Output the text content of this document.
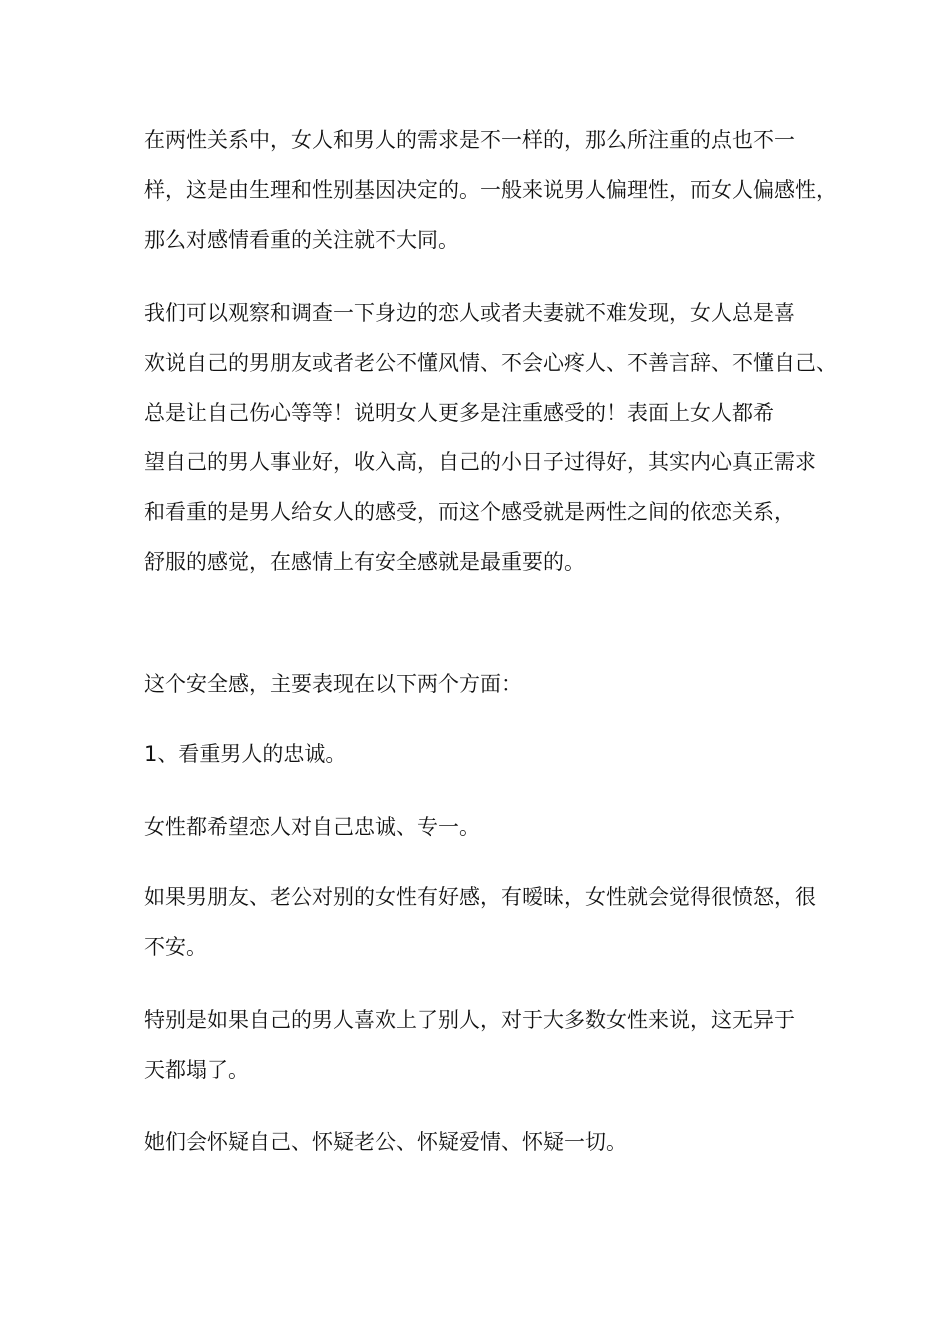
在两性关系中，女人和男人的需求是不一样的，那么所注重的点也不一

样，这是由生理和性别基因决定的。一般来说男人偏理性，而女人偏感性，

那么对感情看重的关注就不大同。

我们可以观察和调查一下身边的恋人或者夫妻就不难发现，女人总是喜

欢说自己的男朋友或者老公不懂风情、不会心疼人、不善言辞、不懂自己、

总是让自己伤心等等！说明女人更多是注重感受的！表面上女人都希

望自己的男人事业好，收入高，自己的小日子过得好，其实内心真正需求

和看重的是男人给女人的感受，而这个感受就是两性之间的依恋关系，

舒服的感觉，在感情上有安全感就是最重要的。

这个安全感，主要表现在以下两个方面：

1、看重男人的忠诚。

女性都希望恋人对自己忠诚、专一。

如果男朋友、老公对别的女性有好感，有暧昧，女性就会觉得很愤怒，很

不安。

特别是如果自己的男人喜欢上了别人，对于大多数女性来说，这无异于

天都塌了。

她们会怀疑自己、怀疑老公、怀疑爱情、怀疑一切。
